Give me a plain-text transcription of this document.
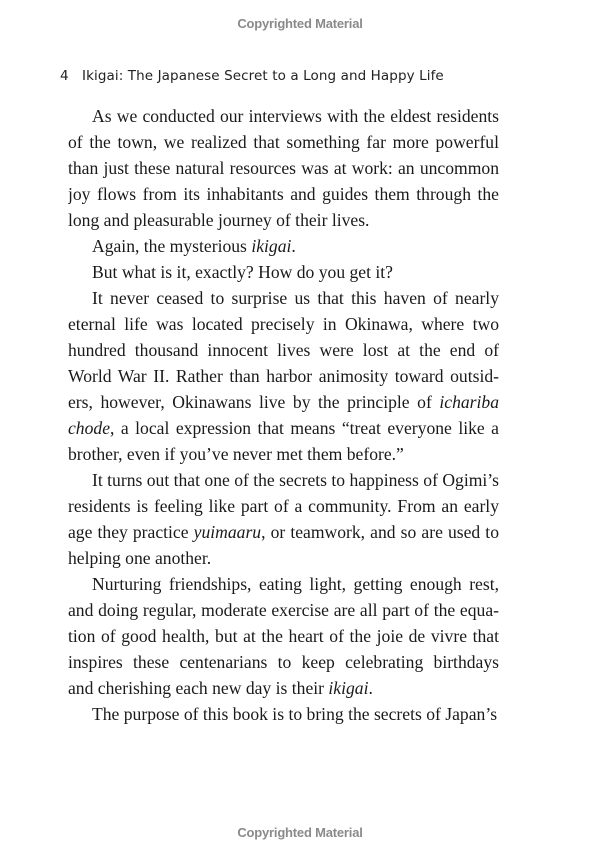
Copyrighted Material
4 Ikigai: The Japanese Secret to a Long and Happy Life
As we conducted our interviews with the eldest residents
of the town, we realized that something far more powerful
than just these natural resources was at work: an uncommon
joy flows from its inhabitants and guides them through the
long and pleasurable journey of their lives.
Again, the mysterious ikigai.
But what is it, exactly? How do you get it?
It never ceased to surprise us that this haven of nearly
eternal life was located precisely in Okinawa, where two
hundred thousand innocent lives were lost at the end of
World War II. Rather than harbor animosity toward outsid-
ers, however, Okinawans live by the principle of ichariba
chode, a local expression that means “treat everyone like a
brother, even if you’ve never met them before.”
It turns out that one of the secrets to happiness of Ogimi’s
residents is feeling like part of a community. From an early
age they practice yuimaaru, or teamwork, and so are used to
helping one another.
Nurturing friendships, eating light, getting enough rest,
and doing regular, moderate exercise are all part of the equa-
tion of good health, but at the heart of the joie de vivre that
inspires these centenarians to keep celebrating birthdays
and cherishing each new day is their ikigai.
The purpose of this book is to bring the secrets of Japan’s
Copyrighted Material
